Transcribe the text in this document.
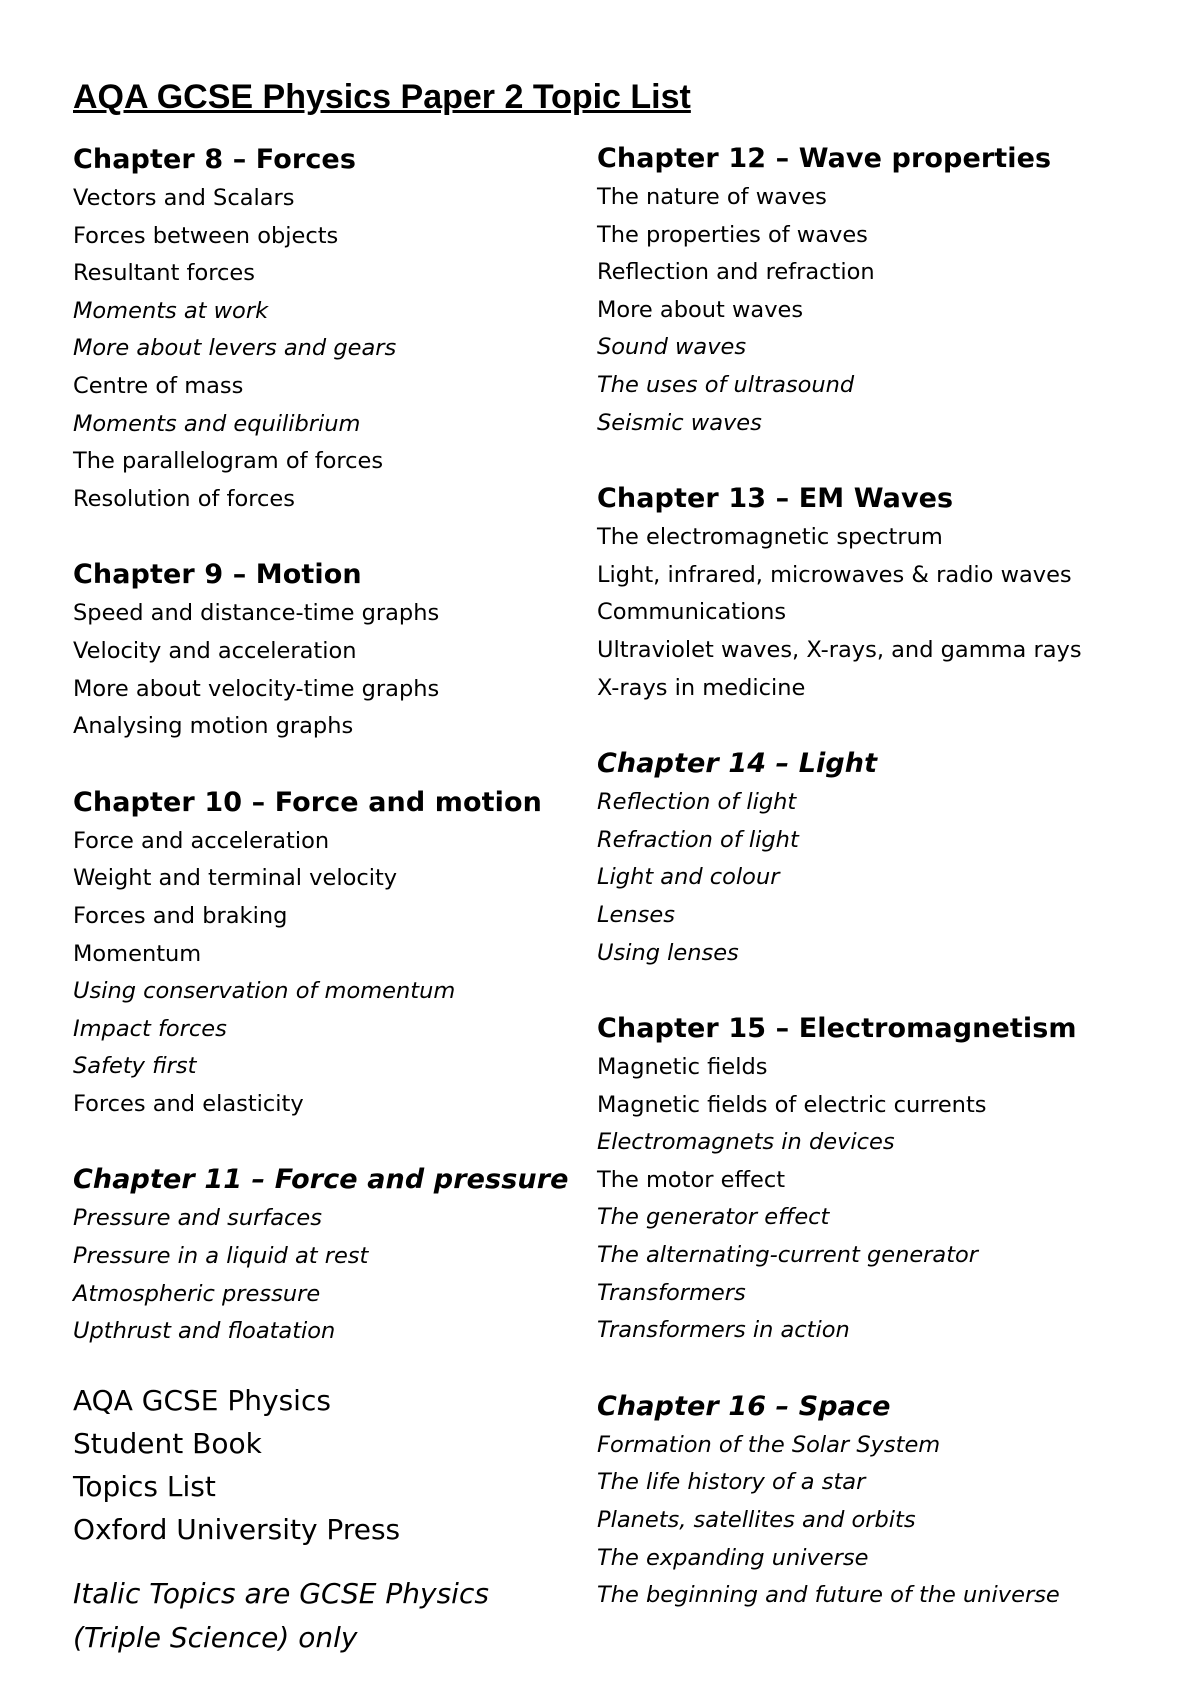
AQA GCSE Physics Paper 2 Topic List
Chapter 8 – Forces
Vectors and Scalars
Forces between objects
Resultant forces
Moments at work
More about levers and gears
Centre of mass
Moments and equilibrium
The parallelogram of forces
Resolution of forces
Chapter 9 – Motion
Speed and distance-time graphs
Velocity and acceleration
More about velocity-time graphs
Analysing motion graphs
Chapter 10 – Force and motion
Force and acceleration
Weight and terminal velocity
Forces and braking
Momentum
Using conservation of momentum
Impact forces
Safety first
Forces and elasticity
Chapter 11 – Force and pressure
Pressure and surfaces
Pressure in a liquid at rest
Atmospheric pressure
Upthrust and floatation
AQA GCSE Physics
Student Book
Topics List
Oxford University Press
Italic Topics are GCSE Physics
(Triple Science) only
Chapter 12 – Wave properties
The nature of waves
The properties of waves
Reflection and refraction
More about waves
Sound waves
The uses of ultrasound
Seismic waves
Chapter 13 – EM Waves
The electromagnetic spectrum
Light, infrared, microwaves & radio waves
Communications
Ultraviolet waves, X-rays, and gamma rays
X-rays in medicine
Chapter 14 – Light
Reflection of light
Refraction of light
Light and colour
Lenses
Using lenses
Chapter 15 – Electromagnetism
Magnetic fields
Magnetic fields of electric currents
Electromagnets in devices
The motor effect
The generator effect
The alternating-current generator
Transformers
Transformers in action
Chapter 16 – Space
Formation of the Solar System
The life history of a star
Planets, satellites and orbits
The expanding universe
The beginning and future of the universe
